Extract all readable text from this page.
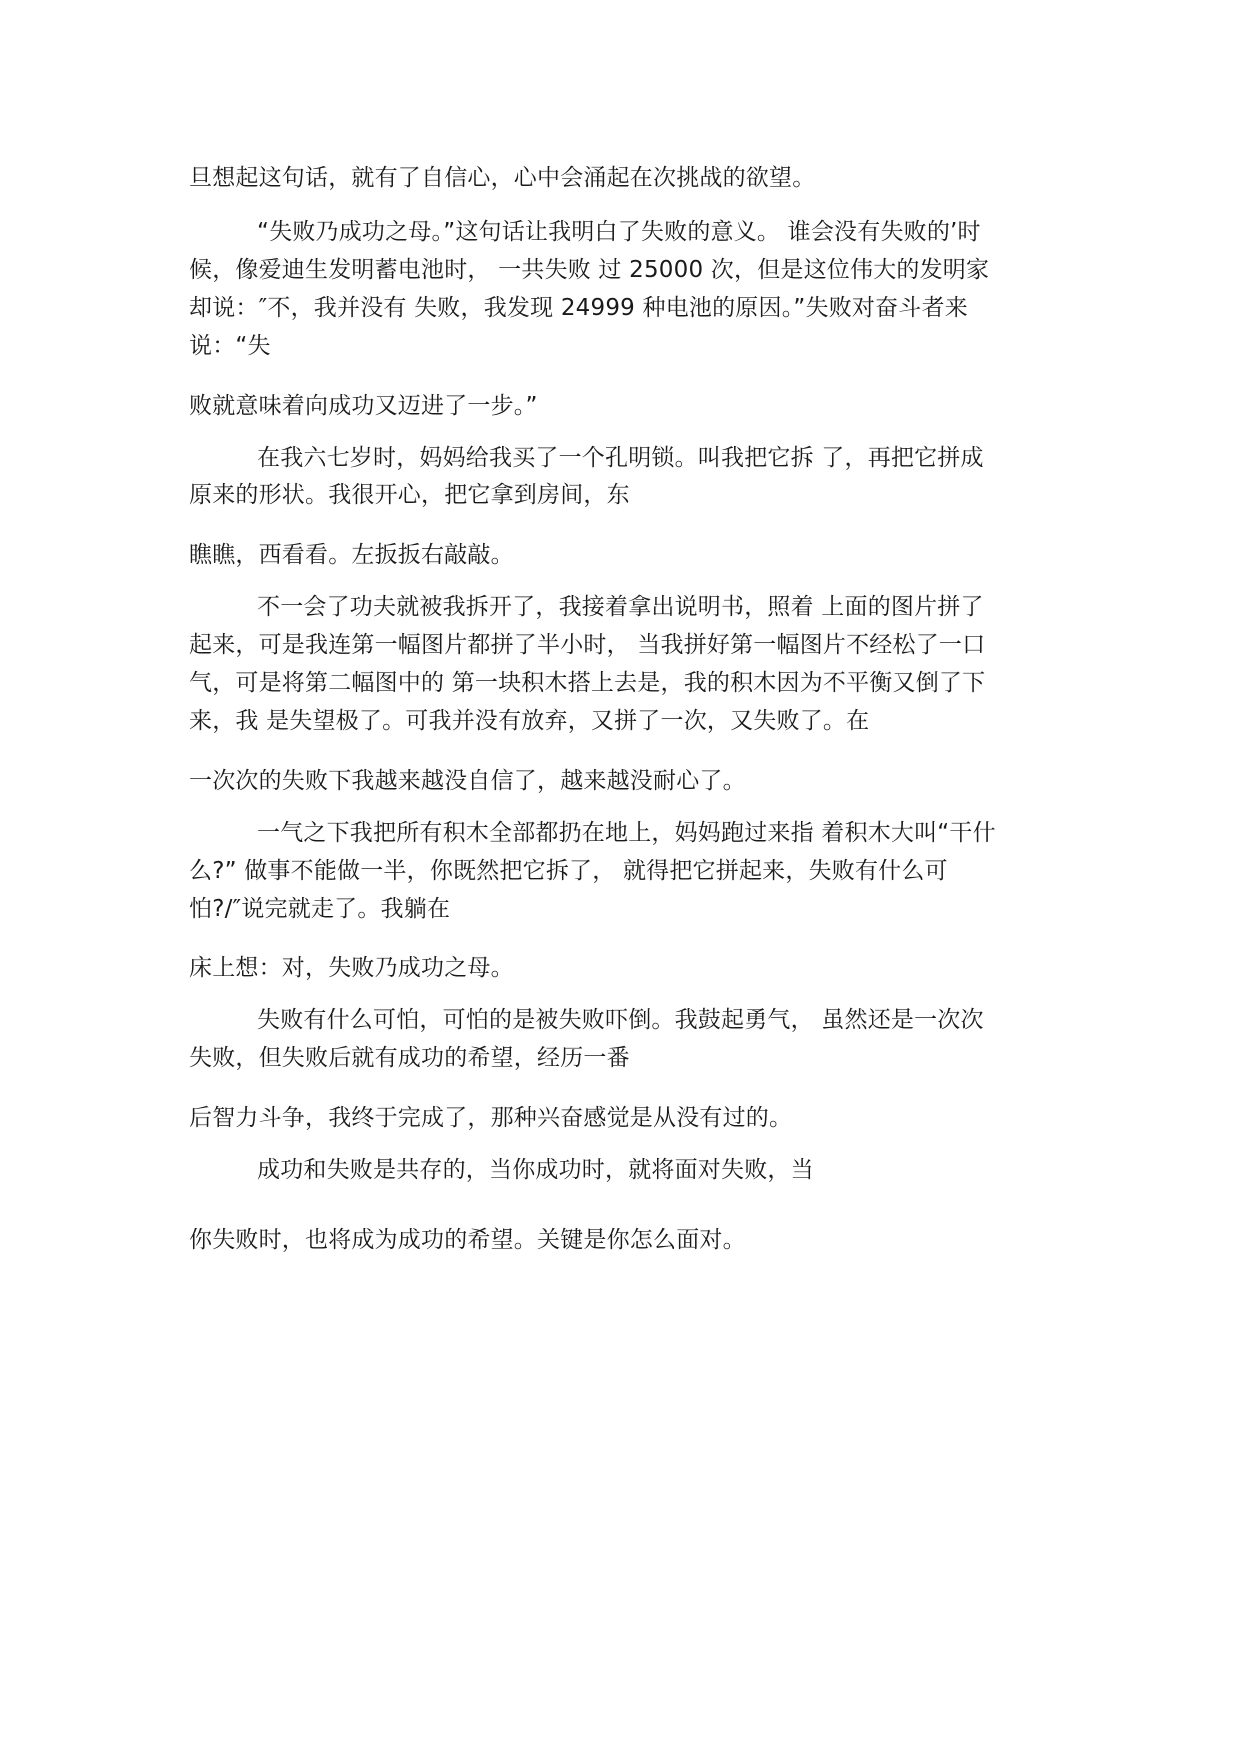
旦想起这句话，就有了自信心，心中会涌起在次挑战的欲望。
“失败乃成功之母。”这句话让我明白了失败的意义。 谁会没有失败的’时
候，像爱迪生发明蓄电池时， 一共失败 过 25000 次，但是这位伟大的发明家
却说：″不，我并没有 失败，我发现 24999 种电池的原因。”失败对奋斗者来
说：“失
败就意味着向成功又迈进了一步。”
在我六七岁时，妈妈给我买了一个孔明锁。叫我把它拆 了，再把它拼成
原来的形状。我很开心，把它拿到房间，东
瞧瞧，西看看。左扳扳右敲敲。
不一会了功夫就被我拆开了，我接着拿出说明书，照着 上面的图片拼了
起来，可是我连第一幅图片都拼了半小时， 当我拼好第一幅图片不经松了一口
气，可是将第二幅图中的 第一块积木搭上去是，我的积木因为不平衡又倒了下
来，我 是失望极了。可我并没有放弃，又拼了一次，又失败了。在
一次次的失败下我越来越没自信了，越来越没耐心了。
一气之下我把所有积木全部都扔在地上，妈妈跑过来指 着积木大叫“干什
么?” 做事不能做一半，你既然把它拆了， 就得把它拼起来，失败有什么可
怕?/″说完就走了。我躺在
床上想：对，失败乃成功之母。
失败有什么可怕，可怕的是被失败吓倒。我鼓起勇气， 虽然还是一次次
失败，但失败后就有成功的希望，经历一番
后智力斗争，我终于完成了，那种兴奋感觉是从没有过的。
成功和失败是共存的，当你成功时，就将面对失败，当
你失败时，也将成为成功的希望。关键是你怎么面对。
